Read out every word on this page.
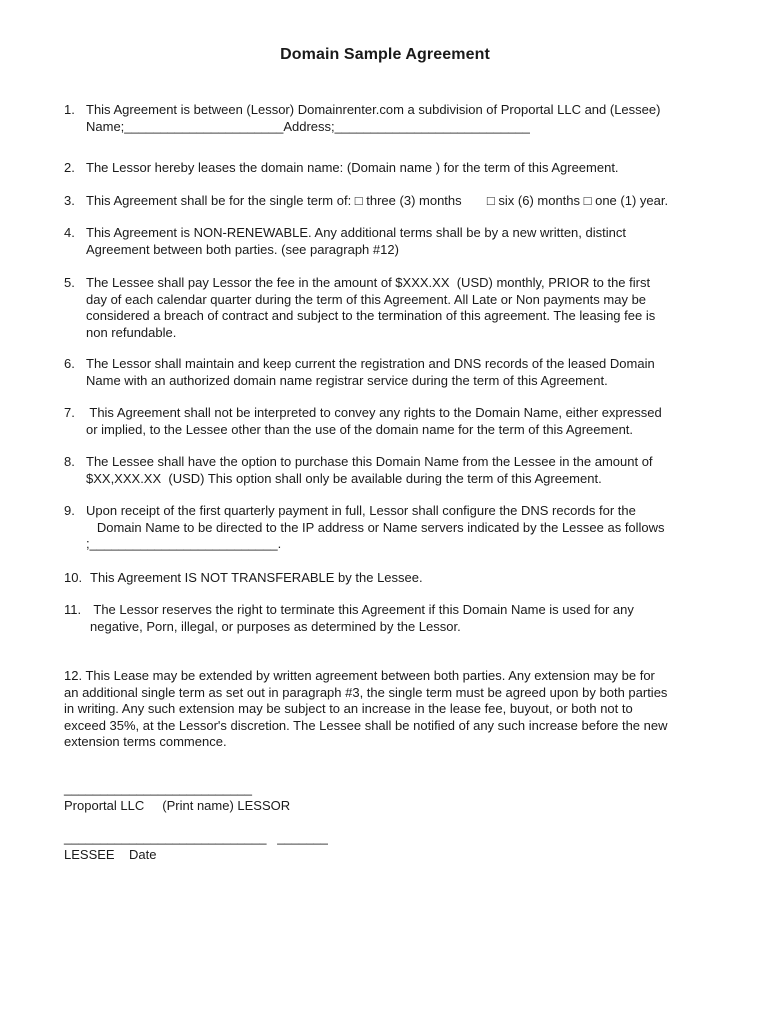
Domain Sample Agreement
1. This Agreement is between (Lessor) Domainrenter.com a subdivision of Proportal LLC and (Lessee)
Name;______________________Address;___________________________
2. The Lessor hereby leases the domain name: (Domain name ) for the term of this Agreement.
3. This Agreement shall be for the single term of: □ three (3) months       □ six (6) months □ one (1) year.
4. This Agreement is NON-RENEWABLE. Any additional terms shall be by a new written, distinct
Agreement between both parties. (see paragraph #12)
5. The Lessee shall pay Lessor the fee in the amount of $XXX.XX  (USD) monthly, PRIOR to the first
day of each calendar quarter during the term of this Agreement. All Late or Non payments may be
considered a breach of contract and subject to the termination of this agreement. The leasing fee is
non refundable.
6. The Lessor shall maintain and keep current the registration and DNS records of the leased Domain
Name with an authorized domain name registrar service during the term of this Agreement.
7. This Agreement shall not be interpreted to convey any rights to the Domain Name, either expressed
or implied, to the Lessee other than the use of the domain name for the term of this Agreement.
8. The Lessee shall have the option to purchase this Domain Name from the Lessee in the amount of
$XX,XXX.XX  (USD) This option shall only be available during the term of this Agreement.
9. Upon receipt of the first quarterly payment in full, Lessor shall configure the DNS records for the
Domain Name to be directed to the IP address or Name servers indicated by the Lessee as follows
;__________________________.
10. This Agreement IS NOT TRANSFERABLE by the Lessee.
11. The Lessor reserves the right to terminate this Agreement if this Domain Name is used for any
negative, Porn, illegal, or purposes as determined by the Lessor.
12. This Lease may be extended by written agreement between both parties. Any extension may be for
an additional single term as set out in paragraph #3, the single term must be agreed upon by both parties
in writing. Any such extension may be subject to an increase in the lease fee, buyout, or both not to
exceed 35%, at the Lessor's discretion. The Lessee shall be notified of any such increase before the new
extension terms commence.
__________________________
Proportal LLC     (Print name) LESSOR
____________________________   _______
LESSEE    Date
